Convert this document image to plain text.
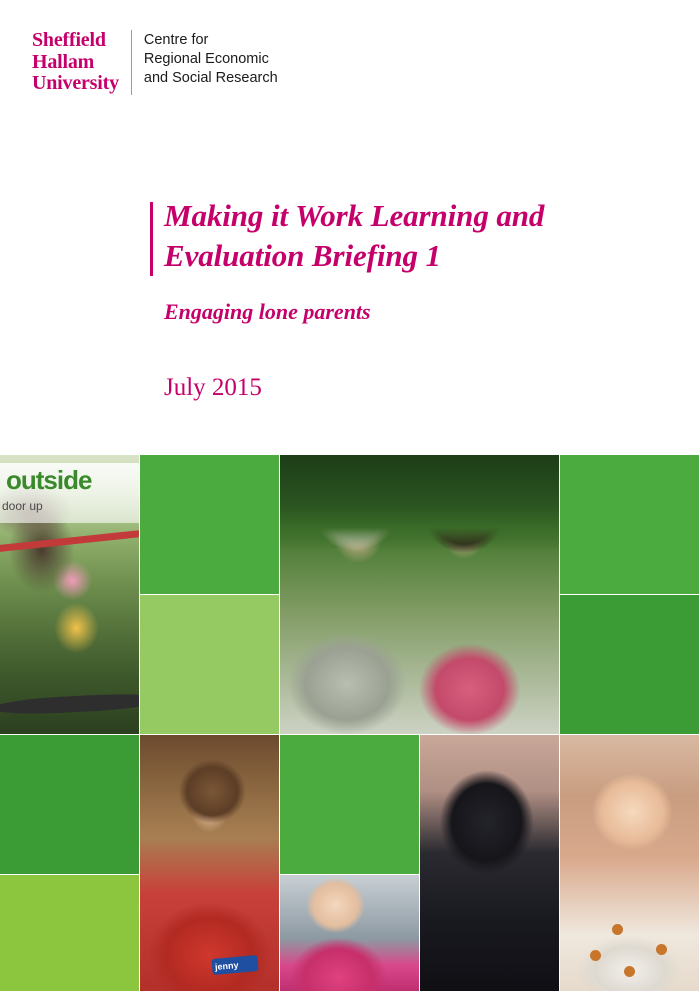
Sheffield
Hallam
University
Centre for
Regional Economic
and Social Research
Making it Work Learning and Evaluation Briefing 1
Engaging lone parents
July 2015
outside
door up
jenny
